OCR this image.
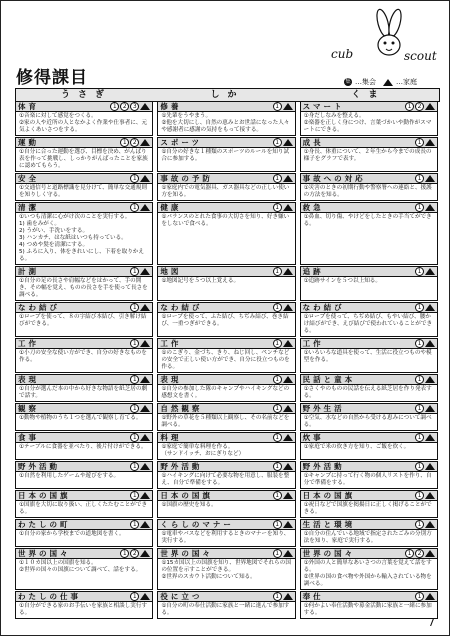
cub	scout
修得課目	集 …集会	…家庭
うさぎ	しか	くま
体育	1	2	3
①音楽に対して感覚をつくる。
②家の人や近所の人となかよく作業や仕事者に、元気よくあいさつをする。
修養	1
①先輩をうやまう。
②他を大切にし、自然の恵みとお世話になった人々や感謝者に感謝の気持をもって接する。
スマート	1	2
①身だしなみを整える。
②楽器を正しく身につけ、言葉づかいや動作がスマートにできる。
運動	1	2
①自分に合った運動を選び、目標を決め、がんばり表を作って挑戦し、しっかりがんばったことを家族に認めてもらう。
スポーツ	1
①自分の好きな１種類のスポーツのルールを知り試合に参加する。
成長	1
①身長、体重について、２年生から今までの成長の様子をグラフで表す。
安全	1
①交通信号と道路標識を見分けて、簡単な交通規則を知りしく守る。
事故の予防	1
①家庭内での電気器具、ガス器具などの正しい使い方を知る。
事故への対応	1
①災害のときの初期行動や警察署への連絡と、援護の方法を知る。
清潔	1
①いつも清潔に心がけ次のことを実行する。
1) 歯をみがく。
2) うがい、手洗いをする。
3) ハンカチ、はな紙はいつも持っている。
4) つめや髪を清潔にする。
5) ふろに入り、体をきれいにし、下着を取りかえる。
健康	1
①バランスのとれた食事の大切さを知り、好き嫌いをしないで食べる。
救急	1
①鼻血、切り傷、やけどをしたときの手当てができる。
計測	1
①自分の足の長さや肩幅などをはかって、手の開き、その幅を覚え、ものの長さを手を使って長さを調べる。
地図	1
①地図記号を５つ以上覚える。
追跡	1
①追跡サインを５つ以上知る。
なわ結び	1
①ロープを使って、８の字結び本結び、引き解け結びができる。
なわ結び	1
①ロープを使って、ふた結び、ちぢみ結び、巻き結び、一重つぎができる。
なわ結び	1
①ロープを使って、ちぢめ結び、もやい結び、腰かけ結びができ、えび結びで使われていることができる。
工作	1
①小刀の安全な使い方ができ、自分の好きなものを作る。
工作	1
①のこぎり、金づち、きり、ねじ回し、ペンチなどの安全で正しい使い方ができ、自分に役立つものを作る。
工作	1
①いろいろな道具を使って、生活に役立つものや模型を作る。
表現	1
①自分が選んだ本の中から好きな物語を紙芝居の劇で話す。
表現	1
①自分の参加した隊のキャンプやハイキングなどの感想文を書く。
民話と童本	1
①さくやのものの民話を伝える紙芝居を作り発表する。
観察	1
①動物や植物のうち１つを選んで観察し育てる。
自然観察	1
①野外の草花を５種類以上観察し、その名前などを調べる。
野外生活	1
①空気、水などの自然から受ける恵みについて調べる。
食事	1
①テーブルに食器を並べたり、後片付けができる。
料理	1
①家庭で簡単な料理を作る。
（サンドイッチ、おにぎりなど）
炊事	1
①家庭で米の炊き方を知り、ご飯を炊く。
野外活動	1
①自然を利用したゲームや遊びをする。
野外活動	1
①ハイキングに向けて必要な物を用意し、服装を整え、自分で準備をする。
野外活動	1
①キャンプに持って行く物の個人リストを作り、自分で準備をする。
日本の国旗	1
①国旗を大切に取り扱い、正しくたたむことができる。
日本の国旗	1
①国旗の歴史を知る。
日本の国旗	1
①祝日などで国旗を掲揚日に正しく掲げることができる。
わたしの町	1
①自分の家から学校までの道地図を書く。
くらしのマナー	1
①電車やバスなどを利用するときのマナーを知り、実行する。
生活と環境	1
①自分の住んでいる地域で指定されたごみの分別方法を知り、家庭で実行する。
世界の国々	1	2
①１０カ国以上の国旗を知る。
②世界の国々の国旗について調べて、話をする。
世界の国々	1
①15カ国以上の国旗を知り、世界地図でそれらの国の位置を示すことができる。
②世界のスカウト活動について知る。
世界の国々	1	2
①外国の人と簡単なあいさつの言葉を覚えて話をする。
②世界の国の食べ物や外国から輸入されている物を調べる。
わたしの仕事	1
①自分ができる家のお手伝いを家族と相談し実行する。
役に立つ	1
①自分の町の奉仕活動に家族と一緒に進んで参加する。
奉仕	1
①何かよい奉仕活動や募金活動に家族と一緒に参加する。
7
